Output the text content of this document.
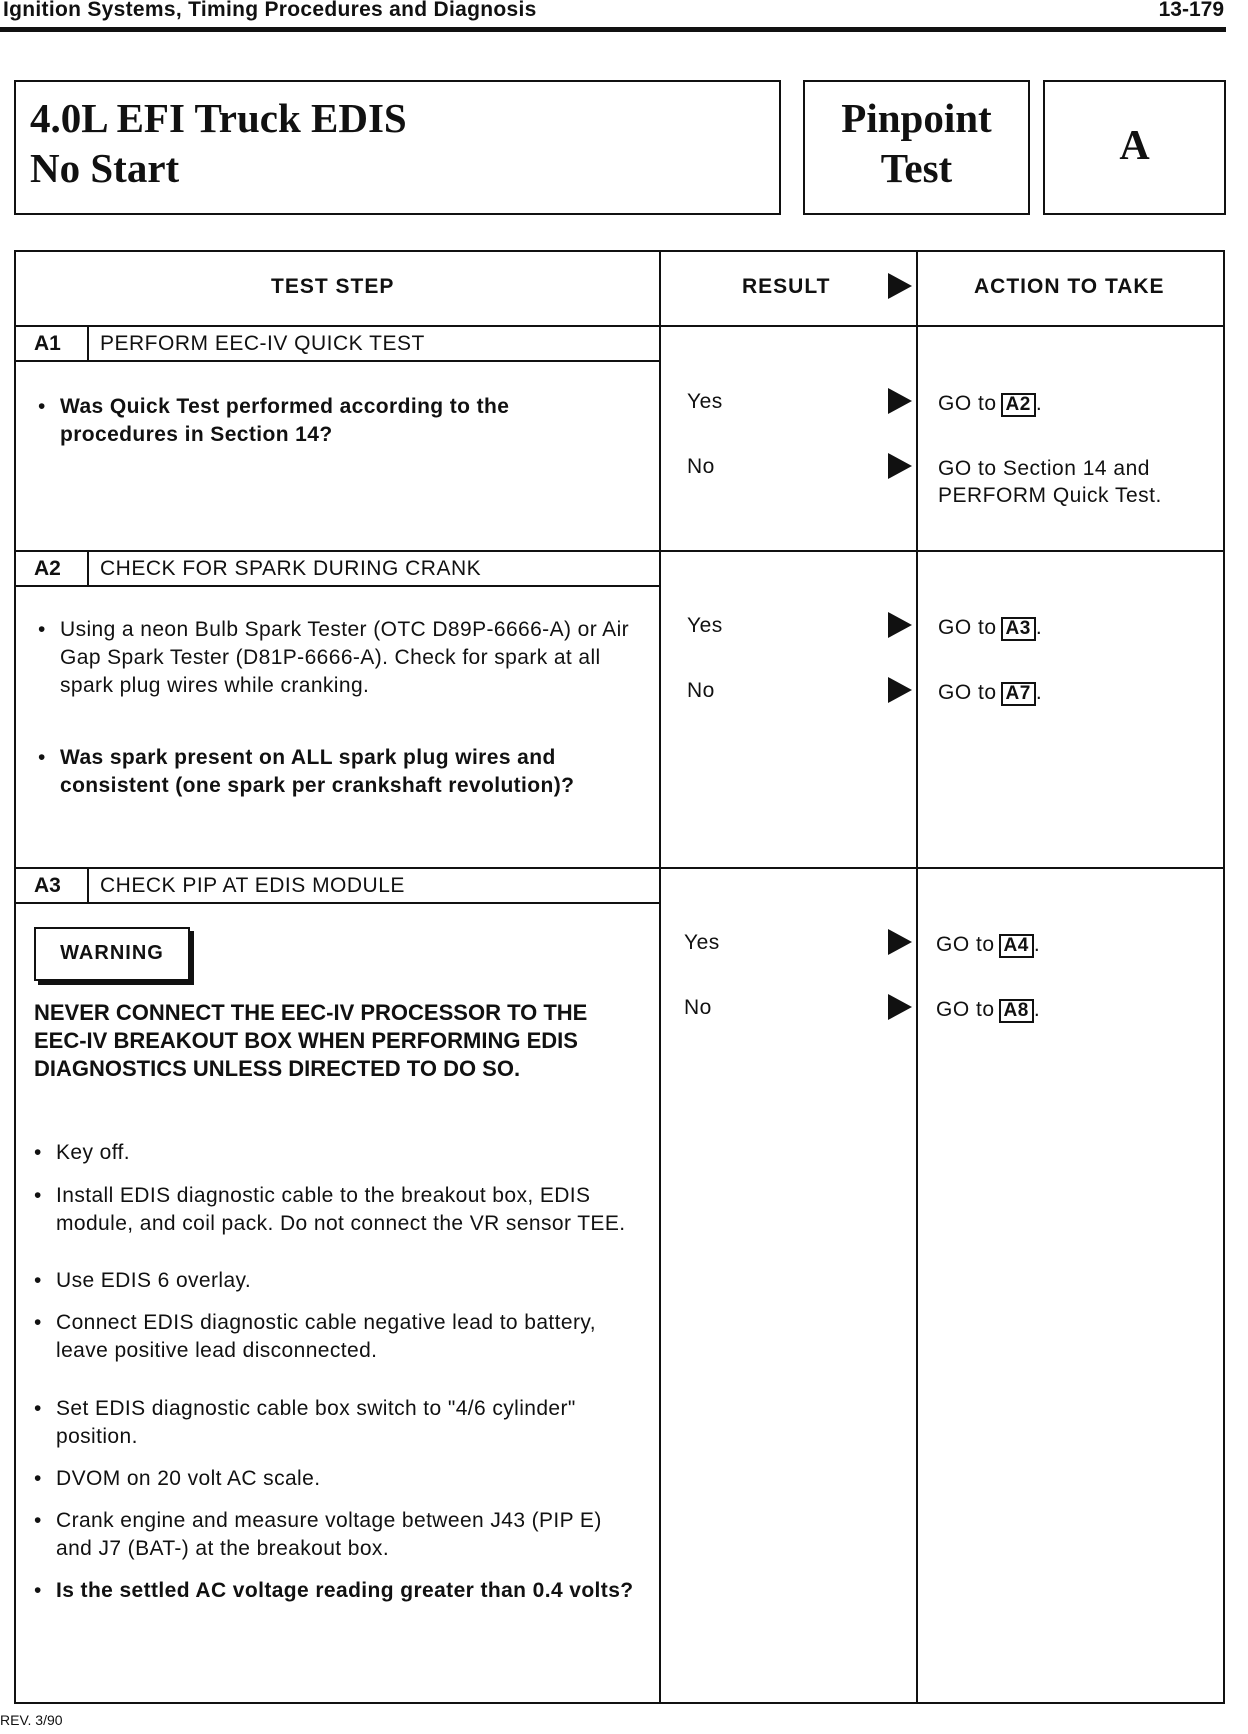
Ignition Systems, Timing Procedures and Diagnosis	13-179
4.0L EFI Truck EDIS
No Start
Pinpoint
Test	A
TEST STEP	RESULT	ACTION TO TAKE
A1 PERFORM EEC-IV QUICK TEST
• Was Quick Test performed according to the procedures in Section 14?
Yes	GO to A2 .
No	GO to Section 14 and
PERFORM Quick Test.
A2 CHECK FOR SPARK DURING CRANK
• Using a neon Bulb Spark Tester (OTC D89P-6666-A) or Air Gap Spark Tester (D81P-6666-A). Check for spark at all spark plug wires while cranking.
• Was spark present on ALL spark plug wires and consistent (one spark per crankshaft revolution)?
Yes	GO to A3 .
No	GO to A7 .
A3 CHECK PIP AT EDIS MODULE
WARNING
NEVER CONNECT THE EEC-IV PROCESSOR TO THE EEC-IV BREAKOUT BOX WHEN PERFORMING EDIS DIAGNOSTICS UNLESS DIRECTED TO DO SO.
• Key off.
• Install EDIS diagnostic cable to the breakout box, EDIS module, and coil pack. Do not connect the VR sensor TEE.
• Use EDIS 6 overlay.
• Connect EDIS diagnostic cable negative lead to battery, leave positive lead disconnected.
• Set EDIS diagnostic cable box switch to "4/6 cylinder" position.
• DVOM on 20 volt AC scale.
• Crank engine and measure voltage between J43 (PIP E) and J7 (BAT-) at the breakout box.
• Is the settled AC voltage reading greater than 0.4 volts?
Yes	GO to A4 .
No	GO to A8 .
REV. 3/90
